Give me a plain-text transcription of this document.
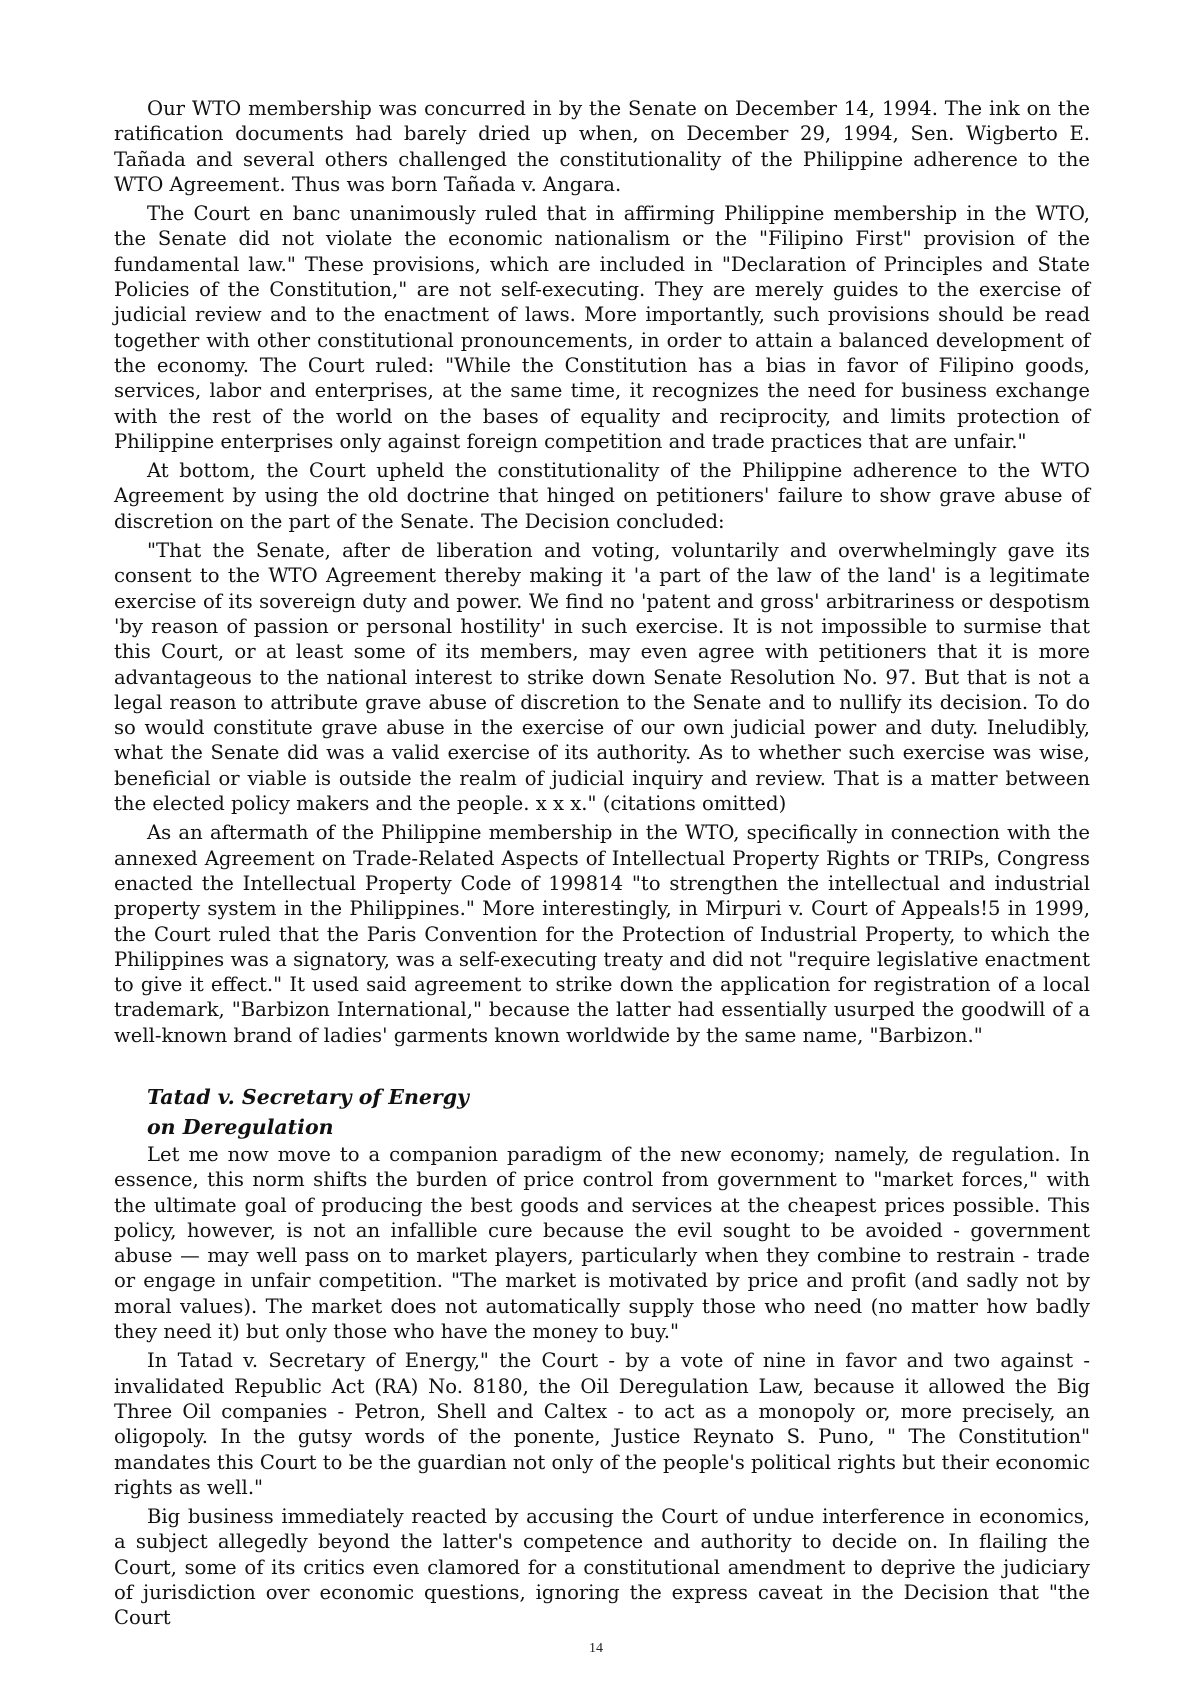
Our WTO membership was concurred in by the Senate on December 14, 1994. The ink on the ratification documents had barely dried up when, on December 29, 1994, Sen. Wigberto E. Tañada and several others challenged the constitutionality of the Philippine adherence to the WTO Agreement. Thus was born Tañada v. Angara.

The Court en banc unanimously ruled that in affirming Philippine membership in the WTO, the Senate did not violate the economic nationalism or the "Filipino First" provision of the fundamental law." These provisions, which are included in "Declaration of Principles and State Policies of the Constitution," are not self-executing. They are merely guides to the exercise of judicial review and to the enactment of laws. More importantly, such provisions should be read together with other constitutional pronouncements, in order to attain a balanced development of the economy. The Court ruled: "While the Constitution has a bias in favor of Filipino goods, services, labor and enterprises, at the same time, it recognizes the need for business exchange with the rest of the world on the bases of equality and reciprocity, and limits protection of Philippine enterprises only against foreign competition and trade practices that are unfair."

At bottom, the Court upheld the constitutionality of the Philippine adherence to the WTO Agreement by using the old doctrine that hinged on petitioners' failure to show grave abuse of discretion on the part of the Senate. The Decision concluded:

"That the Senate, after de liberation and voting, voluntarily and overwhelmingly gave its consent to the WTO Agreement thereby making it 'a part of the law of the land' is a legitimate exercise of its sovereign duty and power. We find no 'patent and gross' arbitrariness or despotism 'by reason of passion or personal hostility' in such exercise. It is not impossible to surmise that this Court, or at least some of its members, may even agree with petitioners that it is more advantageous to the national interest to strike down Senate Resolution No. 97. But that is not a legal reason to attribute grave abuse of discretion to the Senate and to nullify its decision. To do so would constitute grave abuse in the exercise of our own judicial power and duty. Ineludibly, what the Senate did was a valid exercise of its authority. As to whether such exercise was wise, beneficial or viable is outside the realm of judicial inquiry and review. That is a matter between the elected policy makers and the people. x x x." (citations omitted)

As an aftermath of the Philippine membership in the WTO, specifically in connection with the annexed Agreement on Trade-Related Aspects of Intellectual Property Rights or TRIPs, Congress enacted the Intellectual Property Code of 199814 "to strengthen the intellectual and industrial property system in the Philippines." More interestingly, in Mirpuri v. Court of Appeals!5 in 1999, the Court ruled that the Paris Convention for the Protection of Industrial Property, to which the Philippines was a signatory, was a self-executing treaty and did not "require legislative enactment to give it effect." It used said agreement to strike down the application for registration of a local trademark, "Barbizon International," because the latter had essentially usurped the goodwill of a well-known brand of ladies' garments known worldwide by the same name, "Barbizon."

Tatad v. Secretary of Energy

on Deregulation

Let me now move to a companion paradigm of the new economy; namely, de regulation. In essence, this norm shifts the burden of price control from government to "market forces," with the ultimate goal of producing the best goods and services at the cheapest prices possible. This policy, however, is not an infallible cure because the evil sought to be avoided - government abuse — may well pass on to market players, particularly when they combine to restrain - trade or engage in unfair competition. "The market is motivated by price and profit (and sadly not by moral values). The market does not automatically supply those who need (no matter how badly they need it) but only those who have the money to buy."

In Tatad v. Secretary of Energy," the Court - by a vote of nine in favor and two against - invalidated Republic Act (RA) No. 8180, the Oil Deregulation Law, because it allowed the Big Three Oil companies - Petron, Shell and Caltex - to act as a monopoly or, more precisely, an oligopoly. In the gutsy words of the ponente, Justice Reynato S. Puno, " The Constitution" mandates this Court to be the guardian not only of the people's political rights but their economic rights as well."

Big business immediately reacted by accusing the Court of undue interference in economics, a subject allegedly beyond the latter's competence and authority to decide on. In flailing the Court, some of its critics even clamored for a constitutional amendment to deprive the judiciary of jurisdiction over economic questions, ignoring the express caveat in the Decision that "the Court

14
